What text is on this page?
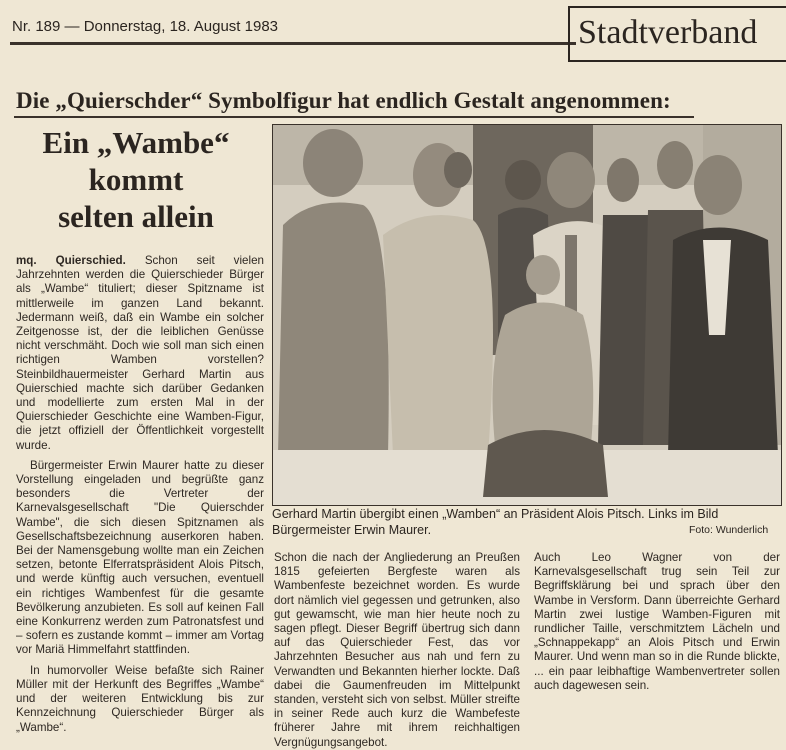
Nr. 189 — Donnerstag, 18. August 1983	Stadtverband
Die „Quierschder“ Symbolfigur hat endlich Gestalt angenommen:
Ein „Wambe“
kommt
selten allein

mq. Quierschied. Schon seit vielen Jahrzehnten werden die Quierschieder Bürger als „Wambe“ tituliert; dieser Spitzname ist mittlerweile im ganzen Land bekannt. Jedermann weiß, daß ein Wambe ein solcher Zeitgenosse ist, der die leiblichen Genüsse nicht verschmäht. Doch wie soll man sich einen richtigen Wamben vorstellen? Steinbildhauermeister Gerhard Martin aus Quierschied machte sich darüber Gedanken und modellierte zum ersten Mal in der Quierschieder Geschichte eine Wamben-Figur, die jetzt offiziell der Öffentlichkeit vorgestellt wurde.

Bürgermeister Erwin Maurer hatte zu dieser Vorstellung eingeladen und begrüßte ganz besonders die Vertreter der Karnevalsgesellschaft "Die Quierschder Wambe", die sich diesen Spitznamen als Gesellschaftsbezeichnung auserkoren haben. Bei der Namensgebung wollte man ein Zeichen setzen, betonte Elferratspräsident Alois Pitsch, und werde künftig auch versuchen, eventuell ein richtiges Wambenfest für die gesamte Bevölkerung anzubieten. Es soll auf keinen Fall eine Konkurrenz werden zum Patronatsfest und – sofern es zustande kommt – immer am Vortag vor Mariä Himmelfahrt stattfinden.

In humorvoller Weise befaßte sich Rainer Müller mit der Herkunft des Begriffes „Wambe“ und der weiteren Entwicklung bis zur Kennzeichnung Quierschieder Bürger als „Wambe“.

Gerhard Martin übergibt einen „Wamben“ an Präsident Alois Pitsch. Links im Bild Bürgermeister Erwin Maurer.	Foto: Wunderlich

Schon die nach der Angliederung an Preußen 1815 gefeierten Bergfeste waren als Wambenfeste bezeichnet worden. Es wurde dort nämlich viel gegessen und getrunken, also gut gewamscht, wie man hier heute noch zu sagen pflegt. Dieser Begriff übertrug sich dann auf das Quierschieder Fest, das vor Jahrzehnten Besucher aus nah und fern zu Verwandten und Bekannten hierher lockte. Daß dabei die Gaumenfreuden im Mittelpunkt standen, versteht sich von selbst. Müller streifte in seiner Rede auch kurz die Wambefeste früherer Jahre mit ihrem reichhaltigen Vergnügungsangebot.

Auch Leo Wagner von der Karnevalsgesellschaft trug sein Teil zur Begriffsklärung bei und sprach über den Wambe in Versform. Dann überreichte Gerhard Martin zwei lustige Wamben-Figuren mit rundlicher Taille, verschmitztem Lächeln und „Schnappekapp“ an Alois Pitsch und Erwin Maurer. Und wenn man so in die Runde blickte, ... ein paar leibhaftige Wambenvertreter sollen auch dagewesen sein.
